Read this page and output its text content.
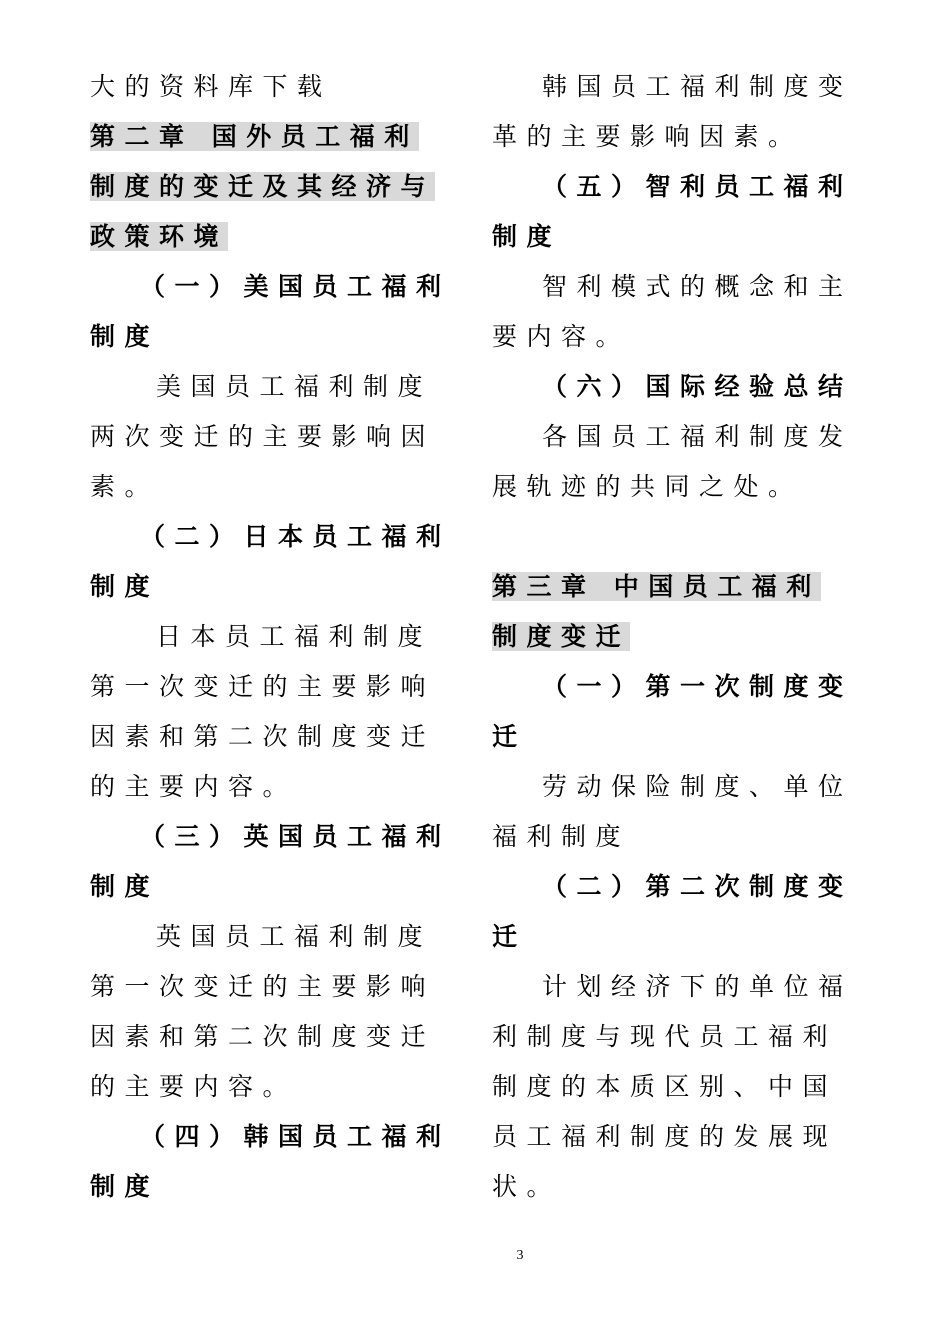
大的资料库下载
第二章 国外员工福利
制度的变迁及其经济与
政策环境
（一）美国员工福利
制度
美国员工福利制度
两次变迁的主要影响因
素。
（二）日本员工福利
制度
日本员工福利制度
第一次变迁的主要影响
因素和第二次制度变迁
的主要内容。
（三）英国员工福利
制度
英国员工福利制度
第一次变迁的主要影响
因素和第二次制度变迁
的主要内容。
（四）韩国员工福利
制度
韩国员工福利制度变
革的主要影响因素。
（五）智利员工福利
制度
智利模式的概念和主
要内容。
（六）国际经验总结
各国员工福利制度发
展轨迹的共同之处。
第三章 中国员工福利
制度变迁
（一）第一次制度变
迁
劳动保险制度、单位
福利制度
（二）第二次制度变
迁
计划经济下的单位福
利制度与现代员工福利
制度的本质区别、中国
员工福利制度的发展现
状。
3
